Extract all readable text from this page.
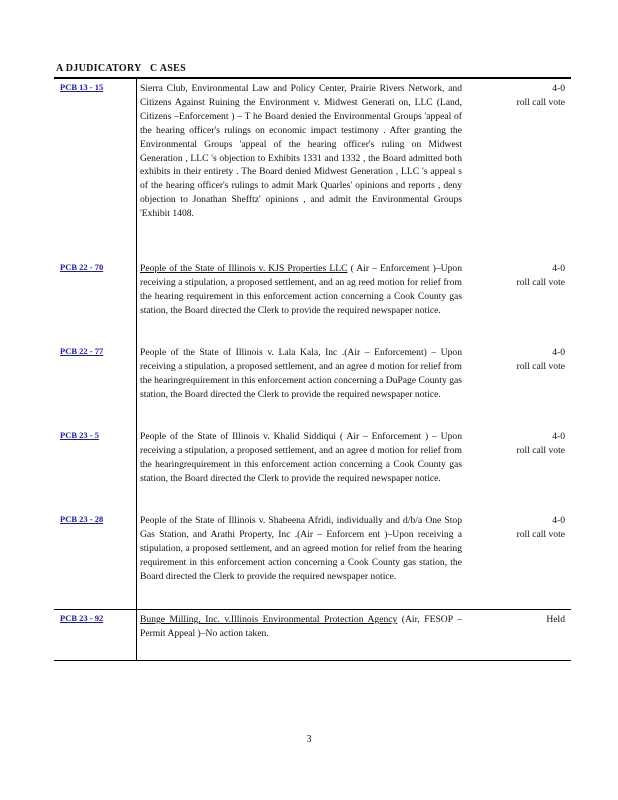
A DJUDICATORY C ASES
PCB 13 - 15	Sierra Club, Environmental Law and Policy Center, Prairie Rivers Network, and Citizens Against Ruining the Environment v. Midwest Generati on, LLC (Land, Citizens –Enforcement ) – T he Board denied the Environmental Groups 'appeal of the hearing officer's rulings on economic impact testimony . After granting the Environmental Groups 'appeal of the hearing officer's ruling on Midwest Generation , LLC 's objection to Exhibits 1331 and 1332 , the Board admitted both exhibits in their entirety . The Board denied Midwest Generation , LLC 's appeal s of the hearing officer's rulings to admit Mark Quarles' opinions and reports , deny objection to Jonathan Shefftz' opinions , and admit the Environmental Groups 'Exhibit 1408.
4-0
roll call vote
PCB 22 - 70	People of the State of Illinois v. KJS Properties LLC ( Air – Enforcement )–Upon receiving a stipulation, a proposed settlement, and an ag reed motion for relief from the hearing requirement in this enforcement action concerning a Cook County gas station, the Board directed the Clerk to provide the required newspaper notice.
4-0
roll call vote
PCB 22 - 77	People of the State of Illinois v. Lala Kala, Inc .(Air – Enforcement) – Upon receiving a stipulation, a proposed settlement, and an agree d motion for relief from the hearingrequirement in this enforcement action concerning a DuPage County gas station, the Board directed the Clerk to provide the required newspaper notice.
4-0
roll call vote
PCB 23 - 5	People of the State of Illinois v. Khalid Siddiqui ( Air – Enforcement ) – Upon receiving a stipulation, a proposed settlement, and an agree d motion for relief from the hearingrequirement in this enforcement action concerning a Cook County gas station, the Board directed the Clerk to provide the required newspaper notice.
4-0
roll call vote
PCB 23 - 28	People of the State of Illinois v. Shabeena Afridi, individually and d/b/a One Stop Gas Station, and Arathi Property, Inc .(Air – Enforcem ent )–Upon receiving a stipulation, a proposed settlement, and an agreed motion for relief from the hearing requirement in this enforcement action concerning a Cook County gas station, the Board directed the Clerk to provide the required newspaper notice.
4-0
roll call vote
PCB 23 - 92	Bunge Milling, Inc. v.Illinois Environmental Protection Agency (Air, FESOP –Permit Appeal )–No action taken.
Held
3
